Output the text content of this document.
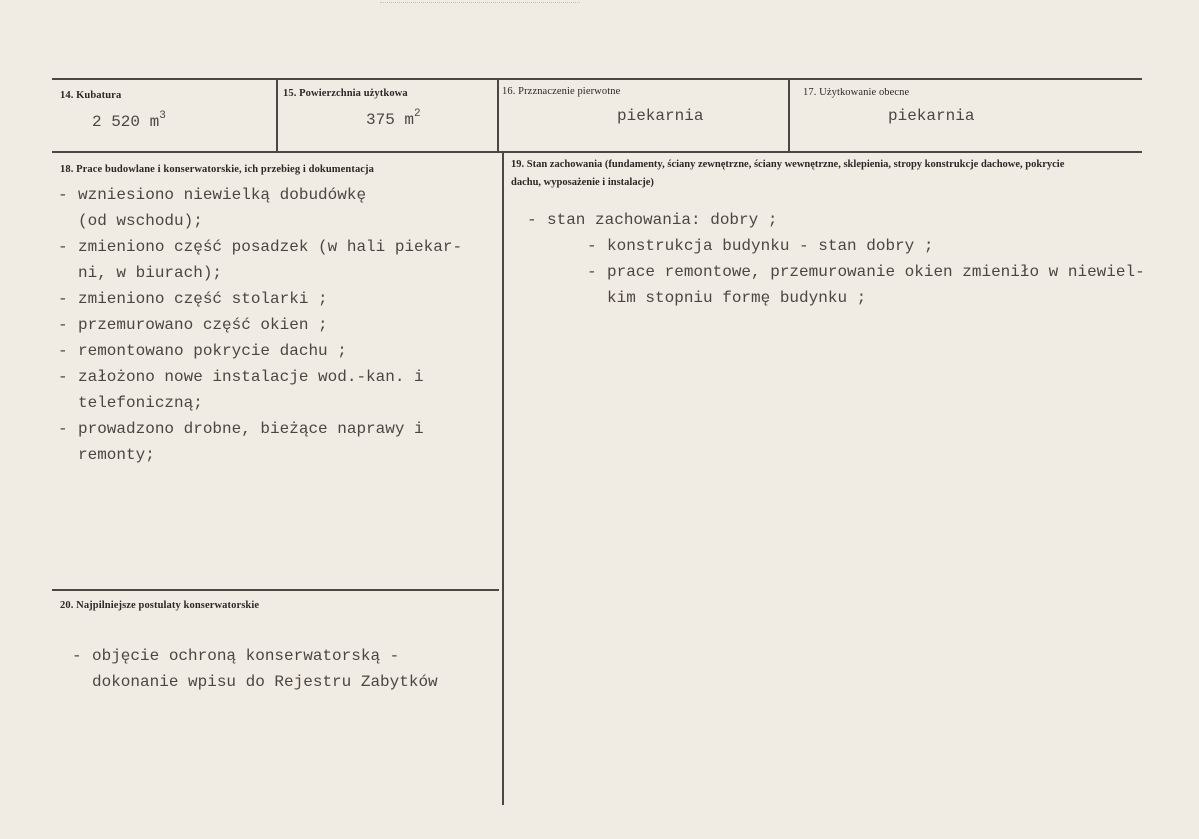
14. Kubatura
2 520 $m^3$
15. Powierzchnia użytkowa
375 $m^2$
16. Przznaczenie pierwotne
piekarnia
17. Użytkowanie obecne
piekarnia
18. Prace budowlane i konserwatorskie, ich przebieg i dokumentacja
- wzniesiono niewielką dobudówkę
(od wschodu);
- zmieniono część posadzek (w hali piekar-
ni, w biurach);
- zmieniono część stolarki ;
- przemurowano część okien ;
- remontowano pokrycie dachu ;
- założono nowe instalacje wod.-kan. i
telefoniczną;
- prowadzono drobne, bieżące naprawy i
remonty;
19. Stan zachowania (fundamenty, ściany zewnętrzne, ściany wewnętrzne, sklepienia, stropy konstrukcje dachowe, pokrycie dachu, wyposażenie i instalacje)
- stan zachowania: dobry ;
- konstrukcja budynku - stan dobry ;
- prace remontowe, przemurowanie okien zmieniło w niewiel-
kim stopniu formę budynku ;
20. Najpilniejsze postulaty konserwatorskie
- objęcie ochroną konserwatorską -
dokonanie wpisu do Rejestru Zabytków
